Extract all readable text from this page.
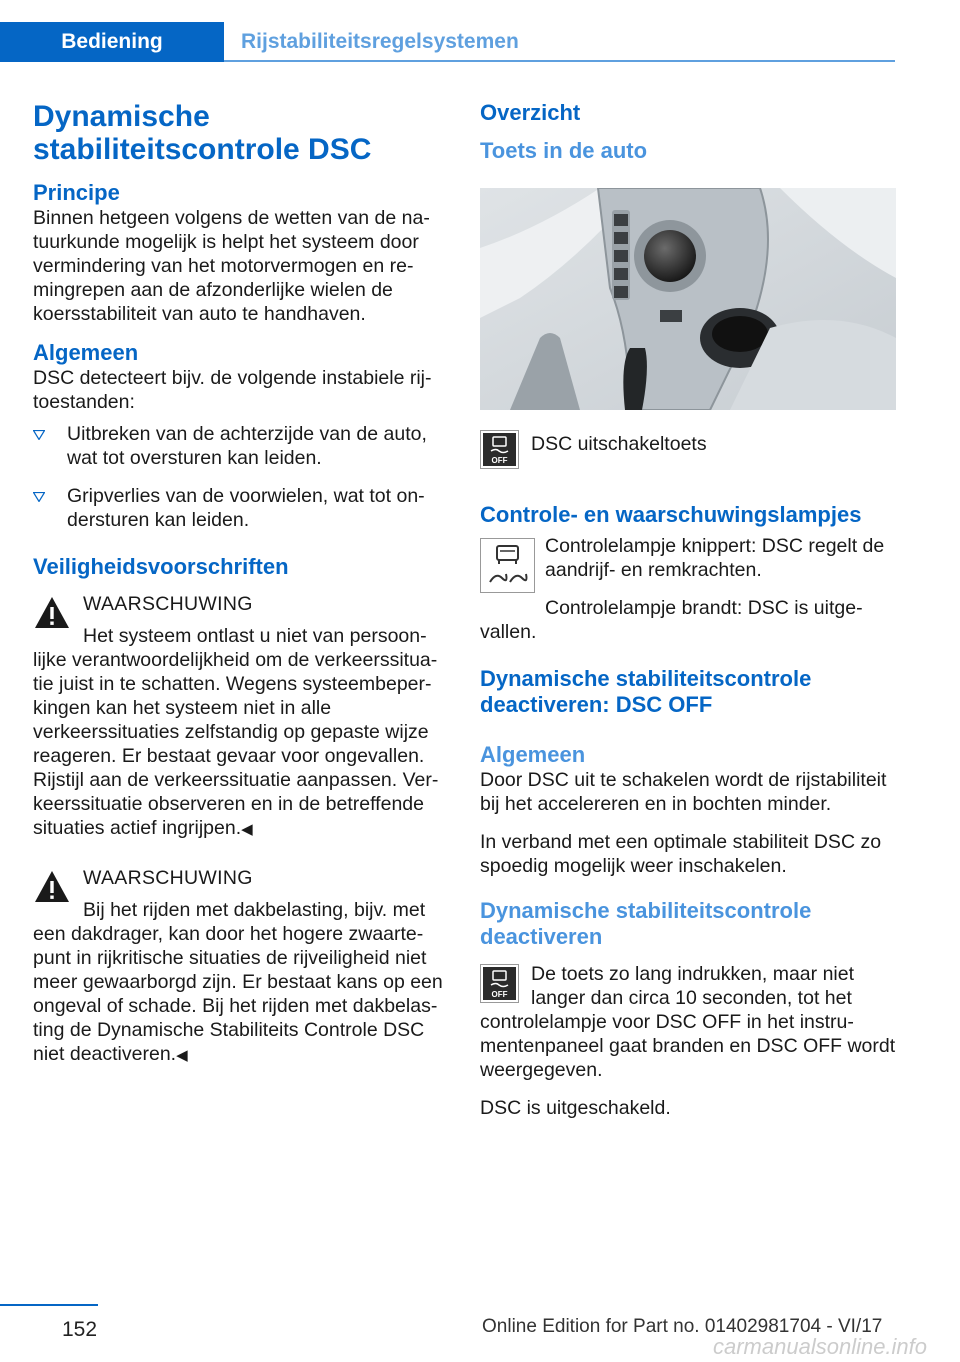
Bediening	Rijstabiliteitsregelsystemen
Dynamische stabiliteitscontrole DSC
Principe

Binnen hetgeen volgens de wetten van de natuurkunde mogelijk is helpt het systeem door vermindering van het motorvermogen en remingrepen aan de afzonderlijke wielen de koersstabiliteit van auto te handhaven.

Algemeen

DSC detecteert bijv. de volgende instabiele rijtoestanden:

Uitbreken van de achterzijde van de auto, wat tot oversturen kan leiden.
Gripverlies van de voorwielen, wat tot ondersturen kan leiden.
Veiligheidsvoorschriften
WAARSCHUWING

Het systeem ontlast u niet van persoonlijke verantwoordelijkheid om de verkeerssituatie juist in te schatten. Wegens systeembeperkingen kan het systeem niet in alle verkeerssituaties zelfstandig op gepaste wijze reageren. Er bestaat gevaar voor ongevallen. Rijstijl aan de verkeerssituatie aanpassen. Verkeerssituatie observeren en in de betreffende situaties actief ingrijpen.◀

WAARSCHUWING

Bij het rijden met dakbelasting, bijv. met een dakdrager, kan door het hogere zwaartepunt in rijkritische situaties de rijveiligheid niet meer gewaarborgd zijn. Er bestaat kans op een ongeval of schade. Bij het rijden met dakbelasting de Dynamische Stabiliteits Controle DSC niet deactiveren.◀

Overzicht
Toets in de auto
OFF
DSC uitschakeltoets
Controle- en waarschuwingslampjes

Controlelampje knippert: DSC regelt de aandrijf- en remkrachten.

Controlelampje brandt: DSC is uitgevallen.

Dynamische stabiliteitscontrole deactiveren: DSC OFF
Algemeen

Door DSC uit te schakelen wordt de rijstabiliteit bij het accelereren en in bochten minder.

In verband met een optimale stabiliteit DSC zo spoedig mogelijk weer inschakelen.

Dynamische stabiliteitscontrole deactiveren
OFF

De toets zo lang indrukken, maar niet langer dan circa 10 seconden, tot het controlelampje voor DSC OFF in het instrumentenpaneel gaat branden en DSC OFF wordt weergegeven.

DSC is uitgeschakeld.

152	Online Edition for Part no. 01402981704 - VI/17
carmanualsonline.info
